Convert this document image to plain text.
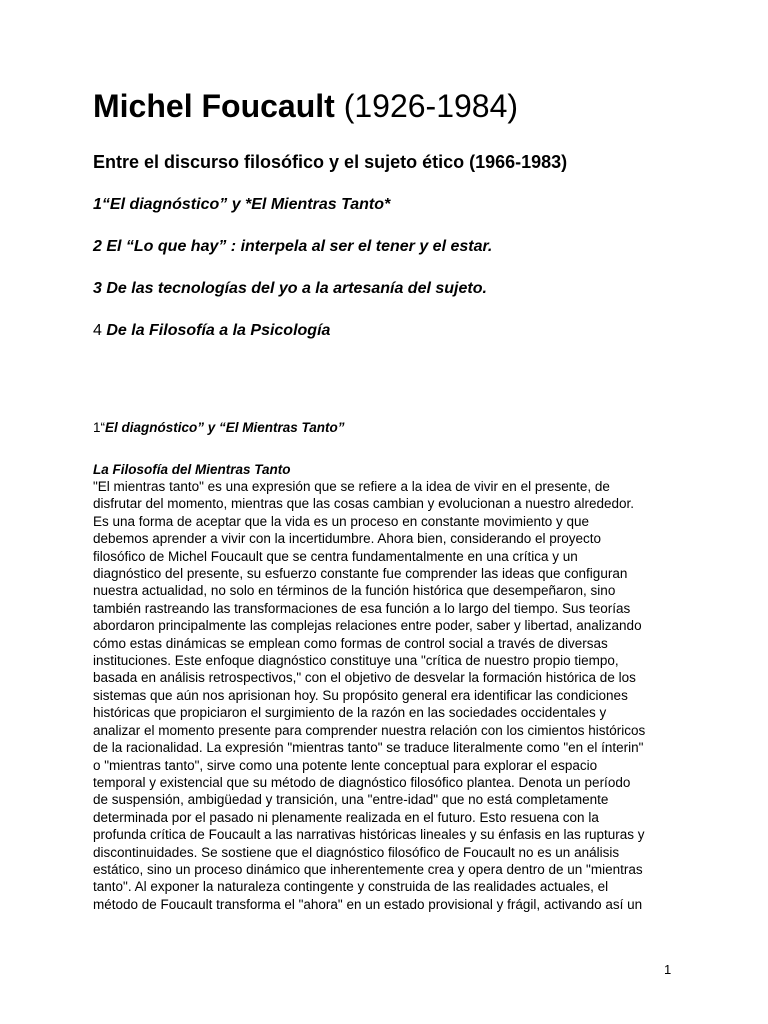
Michel Foucault (1926-1984)
Entre el discurso filosófico y el sujeto ético (1966-1983)

1“El diagnóstico” y *El Mientras Tanto*

2 El “Lo que hay” : interpela al ser el tener y el estar.

3 De las tecnologías del yo a la artesanía del sujeto.

4 De la Filosofía a la Psicología

1“El diagnóstico” y “El Mientras Tanto”

La Filosofía del Mientras Tanto

"El mientras tanto" es una expresión que se refiere a la idea de vivir en el presente, de
disfrutar del momento, mientras que las cosas cambian y evolucionan a nuestro alrededor.
Es una forma de aceptar que la vida es un proceso en constante movimiento y que
debemos aprender a vivir con la incertidumbre. Ahora bien, considerando el proyecto
filosófico de Michel Foucault que se centra fundamentalmente en una crítica y un
diagnóstico del presente, su esfuerzo constante fue comprender las ideas que configuran
nuestra actualidad, no solo en términos de la función histórica que desempeñaron, sino
también rastreando las transformaciones de esa función a lo largo del tiempo. Sus teorías
abordaron principalmente las complejas relaciones entre poder, saber y libertad, analizando
cómo estas dinámicas se emplean como formas de control social a través de diversas
instituciones. Este enfoque diagnóstico constituye una "crítica de nuestro propio tiempo,
basada en análisis retrospectivos," con el objetivo de desvelar la formación histórica de los
sistemas que aún nos aprisionan hoy. Su propósito general era identificar las condiciones
históricas que propiciaron el surgimiento de la razón en las sociedades occidentales y
analizar el momento presente para comprender nuestra relación con los cimientos históricos
de la racionalidad. La expresión "mientras tanto" se traduce literalmente como "en el ínterin"
o "mientras tanto", sirve como una potente lente conceptual para explorar el espacio
temporal y existencial que su método de diagnóstico filosófico plantea. Denota un período
de suspensión, ambigüedad y transición, una "entre-idad" que no está completamente
determinada por el pasado ni plenamente realizada en el futuro. Esto resuena con la
profunda crítica de Foucault a las narrativas históricas lineales y su énfasis en las rupturas y
discontinuidades. Se sostiene que el diagnóstico filosófico de Foucault no es un análisis
estático, sino un proceso dinámico que inherentemente crea y opera dentro de un "mientras
tanto". Al exponer la naturaleza contingente y construida de las realidades actuales, el
método de Foucault transforma el "ahora" en un estado provisional y frágil, activando así un
1
